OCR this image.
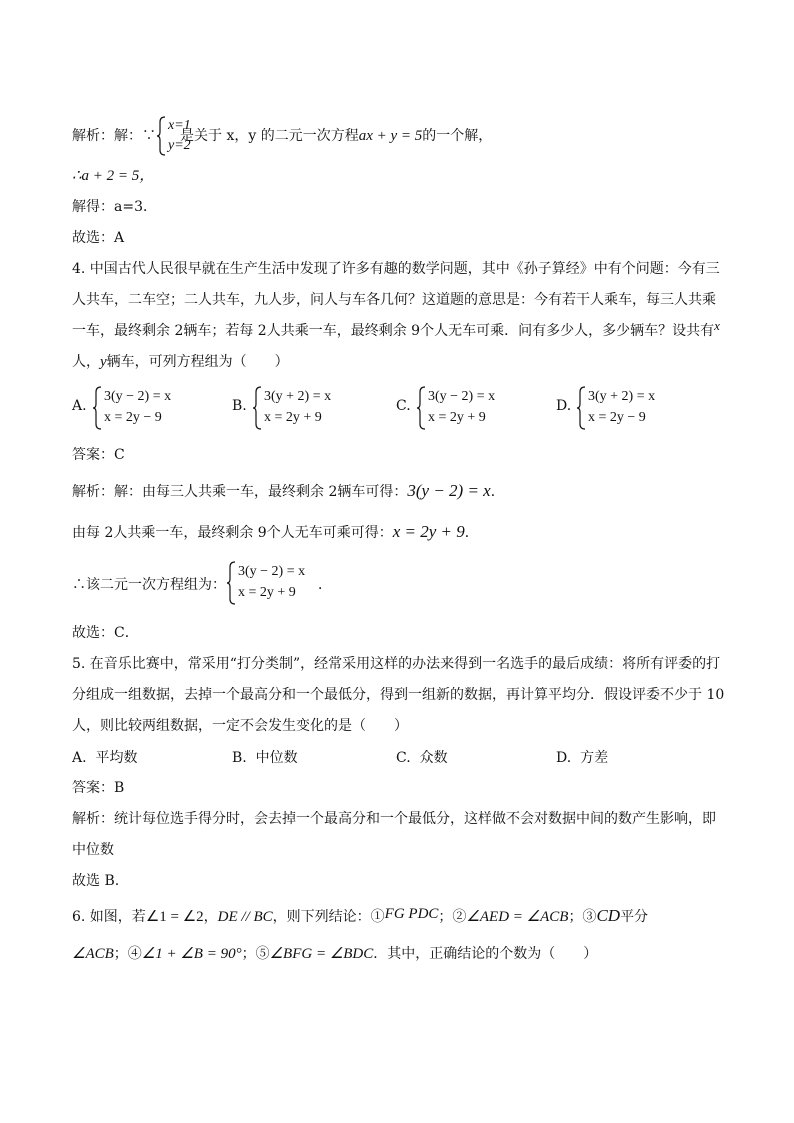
解析：解：∵
x=1
y=2
是关于 x，y 的二元一次方程ax + y = 5的一个解，
∴a + 2 = 5，
解得：a=3．
故选：A
4. 中国古代人民很早就在生产生活中发现了许多有趣的数学问题，其中《孙子算经》中有个问题：今有三
人共车，二车空；二人共车，九人步，问人与车各几何？这道题的意思是：今有若干人乘车，每三人共乘
一车，最终剩余 2辆车；若每 2人共乘一车，最终剩余 9个人无车可乘．问有多少人，多少辆车？设共有x
人，y辆车，可列方程组为（　　）
A.
3(y − 2) = x
x = 2y − 9
B.
3(y + 2) = x
x = 2y + 9
C.
3(y − 2) = x
x = 2y + 9
D.
3(y + 2) = x
x = 2y − 9
答案：C
解析：解：由每三人共乘一车，最终剩余 2辆车可得：3(y − 2) = x．
由每 2人共乘一车，最终剩余 9个人无车可乘可得：x = 2y + 9．
∴该二元一次方程组为：
3(y − 2) = x
x = 2y + 9	．
故选：C．
5. 在音乐比赛中，常采用“打分类制”，经常采用这样的办法来得到一名选手的最后成绩：将所有评委的打
分组成一组数据，去掉一个最高分和一个最低分，得到一组新的数据，再计算平均分．假设评委不少于 10
人，则比较两组数据，一定不会发生变化的是（　　）
A. 平均数	B. 中位数	C. 众数	D. 方差
答案：B
解析：统计每位选手得分时，会去掉一个最高分和一个最低分，这样做不会对数据中间的数产生影响，即
中位数
故选 B.
6. 如图，若∠1 = ∠2，DE // BC，则下列结论：①FG PDC；②∠AED = ∠ACB；③CD平分
∠ACB；④∠1 + ∠B = 90°；⑤∠BFG = ∠BDC．其中，正确结论的个数为（　　）
